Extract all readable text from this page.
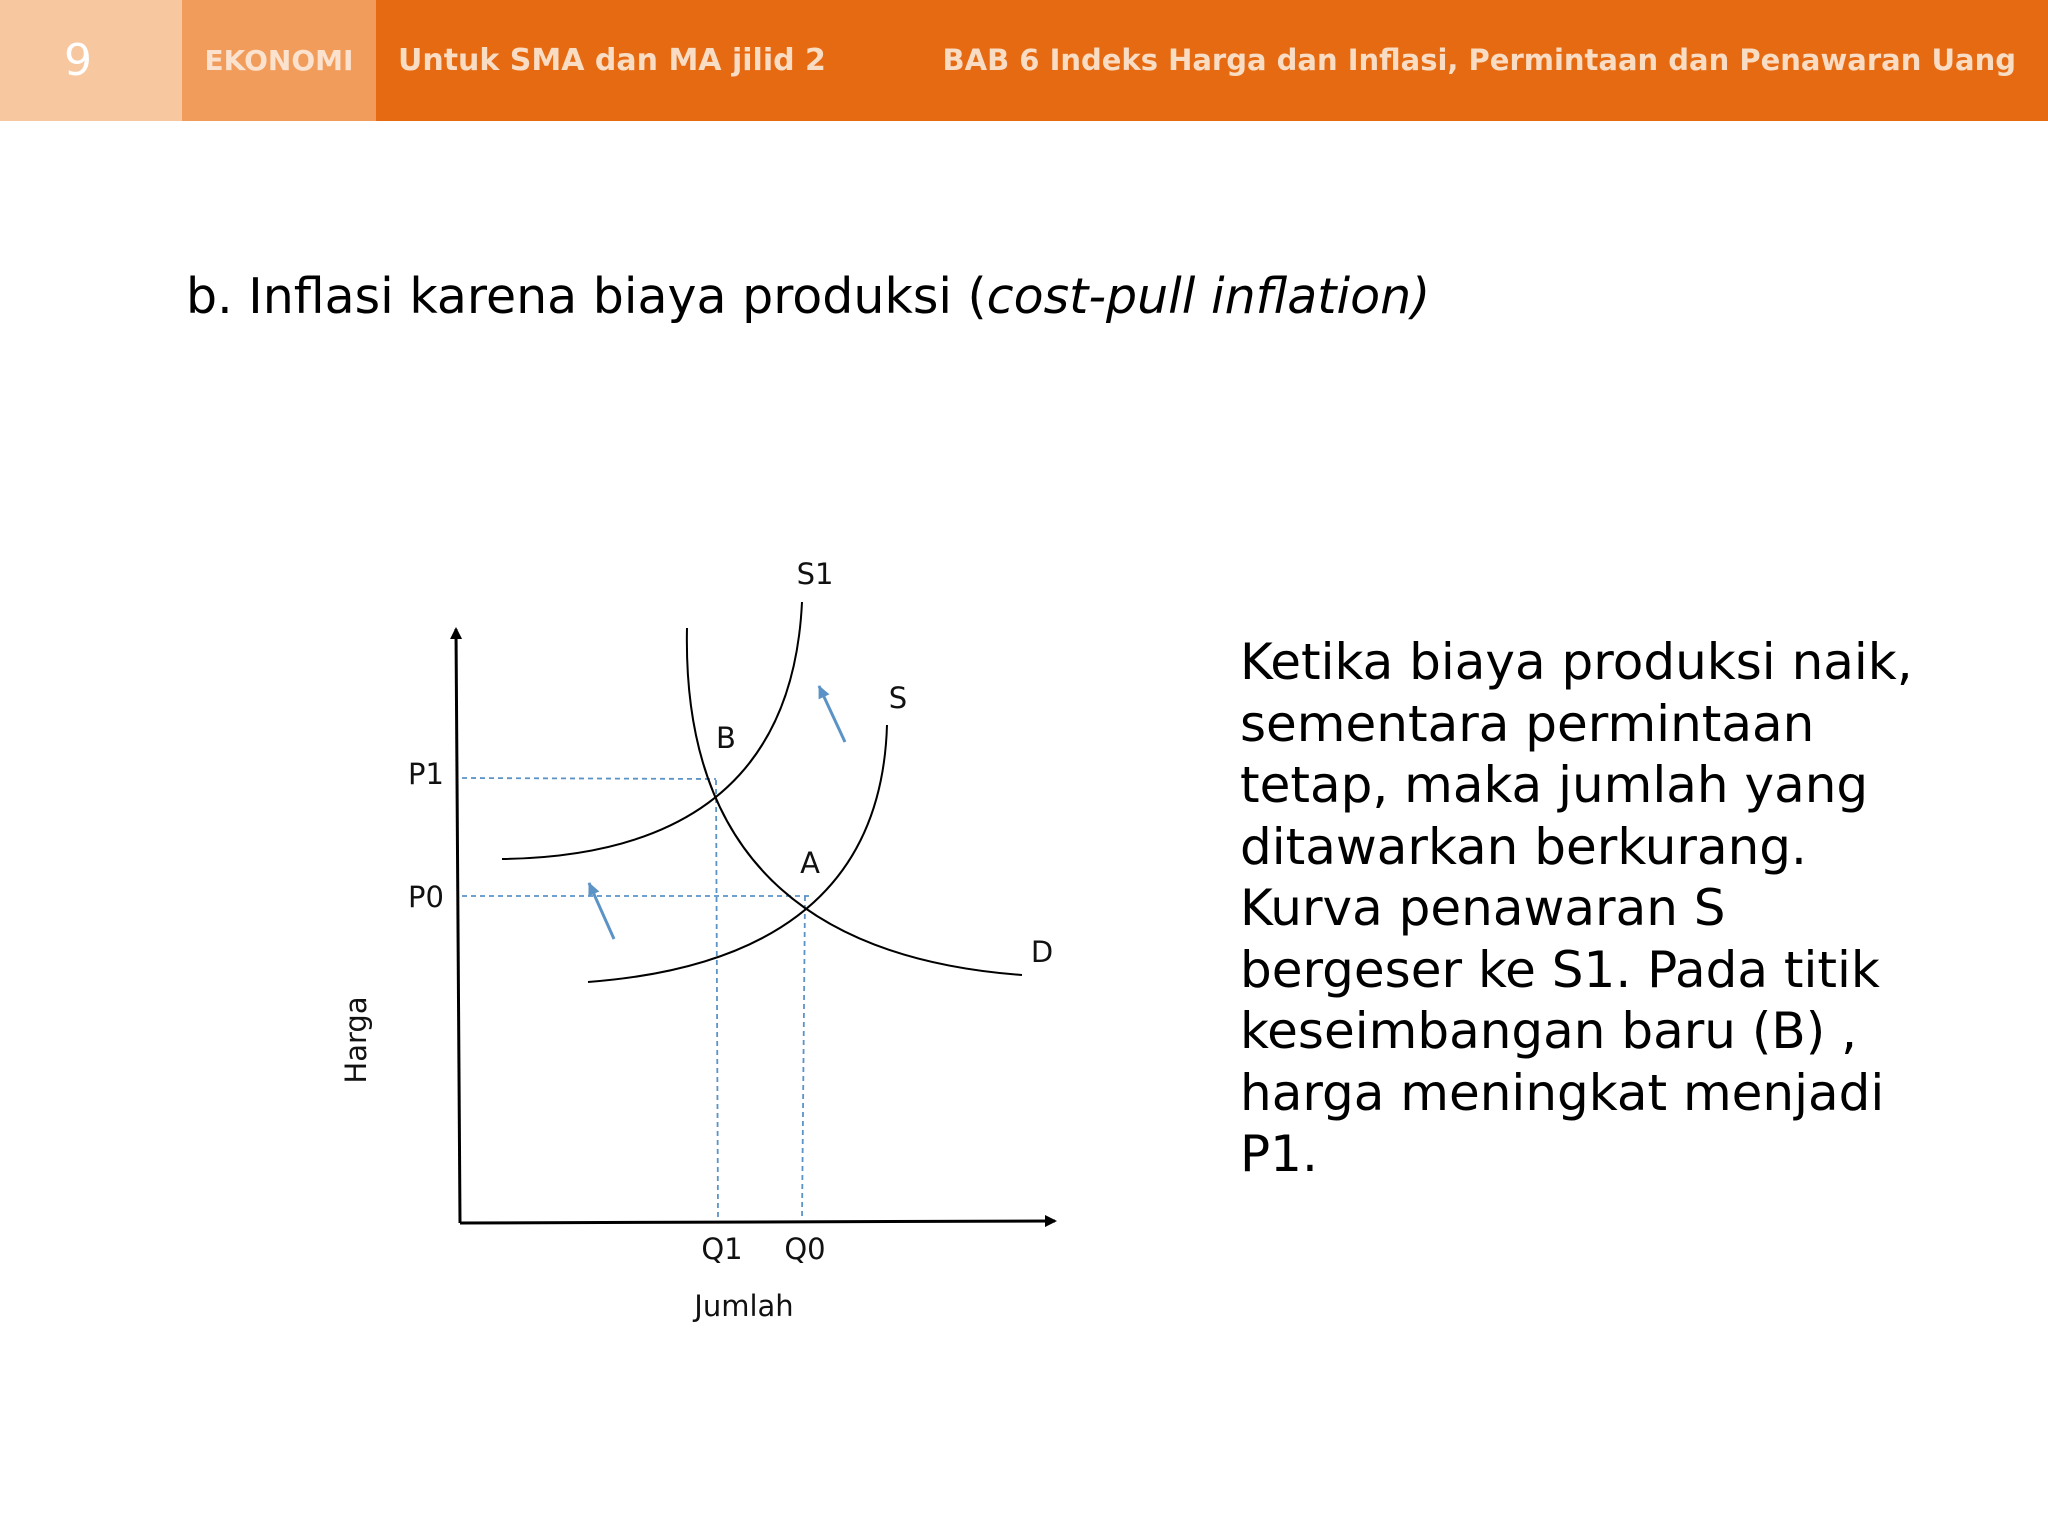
9	EKONOMI	Untuk SMA dan MA jilid 2	BAB 6 Indeks Harga dan Inflasi, Permintaan dan Penawaran Uang
b. Inflasi karena biaya produksi (cost-pull inflation)
S1
S
D
B
A
P1
P0
Q1 Q0
Jumlah
Harga
Ketika biaya produksi naik,
sementara permintaan
tetap, maka jumlah yang
ditawarkan berkurang.
Kurva penawaran S
bergeser ke S1. Pada titik
keseimbangan baru (B) ,
harga meningkat menjadi
P1.
